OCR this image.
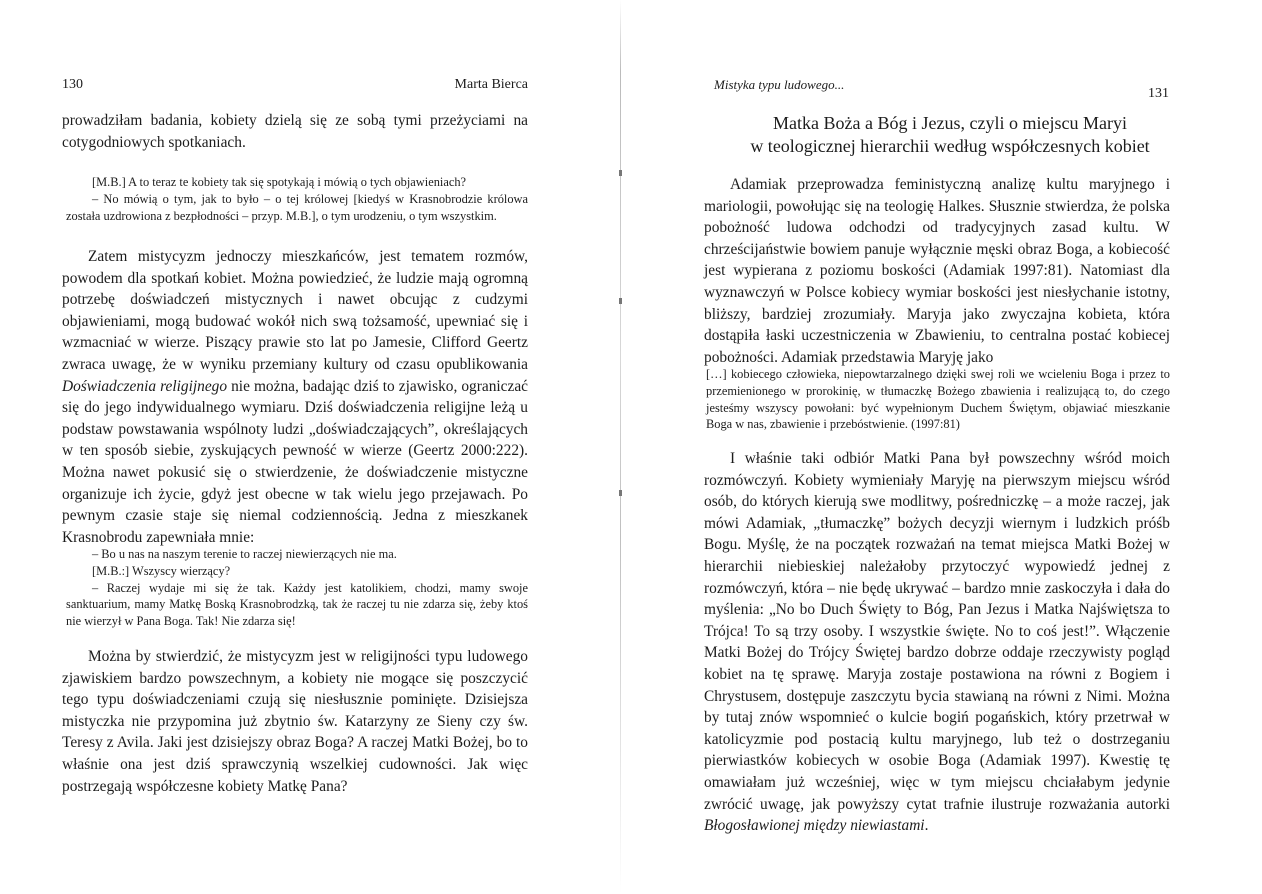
130	Marta Bierca

prowadziłam badania, kobiety dzielą się ze sobą tymi przeżyciami na cotygodniowych spotkaniach.

[M.B.] A to teraz te kobiety tak się spotykają i mówią o tych objawieniach?
– No mówią o tym, jak to było – o tej królowej [kiedyś w Krasnobrodzie królowa została uzdrowiona z bezpłodności – przyp. M.B.], o tym urodzeniu, o tym wszystkim.

Zatem mistycyzm jednoczy mieszkańców, jest tematem rozmów, powodem dla spotkań kobiet. Można powiedzieć, że ludzie mają ogromną potrzebę doświadczeń mistycznych i nawet obcując z cudzymi objawieniami, mogą budować wokół nich swą tożsamość, upewniać się i wzmacniać w wierze. Piszący prawie sto lat po Jamesie, Clifford Geertz zwraca uwagę, że w wyniku przemiany kultury od czasu opublikowania Doświadczenia religijnego nie można, badając dziś to zjawisko, ograniczać się do jego indywidualnego wymiaru. Dziś doświadczenia religijne leżą u podstaw powstawania wspólnoty ludzi „doświadczających”, określających w ten sposób siebie, zyskujących pewność w wierze (Geertz 2000:222). Można nawet pokusić się o stwierdzenie, że doświadczenie mistyczne organizuje ich życie, gdyż jest obecne w tak wielu jego przejawach. Po pewnym czasie staje się niemal codziennością. Jedna z mieszkanek Krasnobrodu zapewniała mnie:

– Bo u nas na naszym terenie to raczej niewierzących nie ma.
[M.B.:] Wszyscy wierzący?
– Raczej wydaje mi się że tak. Każdy jest katolikiem, chodzi, mamy swoje sanktuarium, mamy Matkę Boską Krasnobrodzką, tak że raczej tu nie zdarza się, żeby ktoś nie wierzył w Pana Boga. Tak! Nie zdarza się!

Można by stwierdzić, że mistycyzm jest w religijności typu ludowego zjawiskiem bardzo powszechnym, a kobiety nie mogące się poszczycić tego typu doświadczeniami czują się niesłusznie pominięte. Dzisiejsza mistyczka nie przypomina już zbytnio św. Katarzyny ze Sieny czy św. Teresy z Avila. Jaki jest dzisiejszy obraz Boga? A raczej Matki Bożej, bo to właśnie ona jest dziś sprawczynią wszelkiej cudowności. Jak więc postrzegają współczesne kobiety Matkę Pana?

Mistyka typu ludowego...
131
Matka Boża a Bóg i Jezus, czyli o miejscu Maryi
w teologicznej hierarchii według współczesnych kobiet

Adamiak przeprowadza feministyczną analizę kultu maryjnego i mariologii, powołując się na teologię Halkes. Słusznie stwierdza, że polska pobożność ludowa odchodzi od tradycyjnych zasad kultu. W chrześcijaństwie bowiem panuje wyłącznie męski obraz Boga, a kobiecość jest wypierana z poziomu boskości (Adamiak 1997:81). Natomiast dla wyznawczyń w Polsce kobiecy wymiar boskości jest niesłychanie istotny, bliższy, bardziej zrozumiały. Maryja jako zwyczajna kobieta, która dostąpiła łaski uczestniczenia w Zbawieniu, to centralna postać kobiecej pobożności. Adamiak przedstawia Maryję jako

[…] kobiecego człowieka, niepowtarzalnego dzięki swej roli we wcieleniu Boga i przez to przemienionego w prorokinię, w tłumaczkę Bożego zbawienia i realizującą to, do czego jesteśmy wszyscy powołani: być wypełnionym Duchem Świętym, objawiać mieszkanie Boga w nas, zbawienie i przebóstwienie. (1997:81)

I właśnie taki odbiór Matki Pana był powszechny wśród moich rozmówczyń. Kobiety wymieniały Maryję na pierwszym miejscu wśród osób, do których kierują swe modlitwy, pośredniczkę – a może raczej, jak mówi Adamiak, „tłumaczkę” bożych decyzji wiernym i ludzkich próśb Bogu. Myślę, że na początek rozważań na temat miejsca Matki Bożej w hierarchii niebieskiej należałoby przytoczyć wypowiedź jednej z rozmówczyń, która – nie będę ukrywać – bardzo mnie zaskoczyła i dała do myślenia: „No bo Duch Święty to Bóg, Pan Jezus i Matka Najświętsza to Trójca! To są trzy osoby. I wszystkie święte. No to coś jest!”. Włączenie Matki Bożej do Trójcy Świętej bardzo dobrze oddaje rzeczywisty pogląd kobiet na tę sprawę. Maryja zostaje postawiona na równi z Bogiem i Chrystusem, dostępuje zaszczytu bycia stawianą na równi z Nimi. Można by tutaj znów wspomnieć o kulcie bogiń pogańskich, który przetrwał w katolicyzmie pod postacią kultu maryjnego, lub też o dostrzeganiu pierwiastków kobiecych w osobie Boga (Adamiak 1997). Kwestię tę omawiałam już wcześniej, więc w tym miejscu chciałabym jedynie zwrócić uwagę, jak powyższy cytat trafnie ilustruje rozważania autorki Błogosławionej między niewiastami.
